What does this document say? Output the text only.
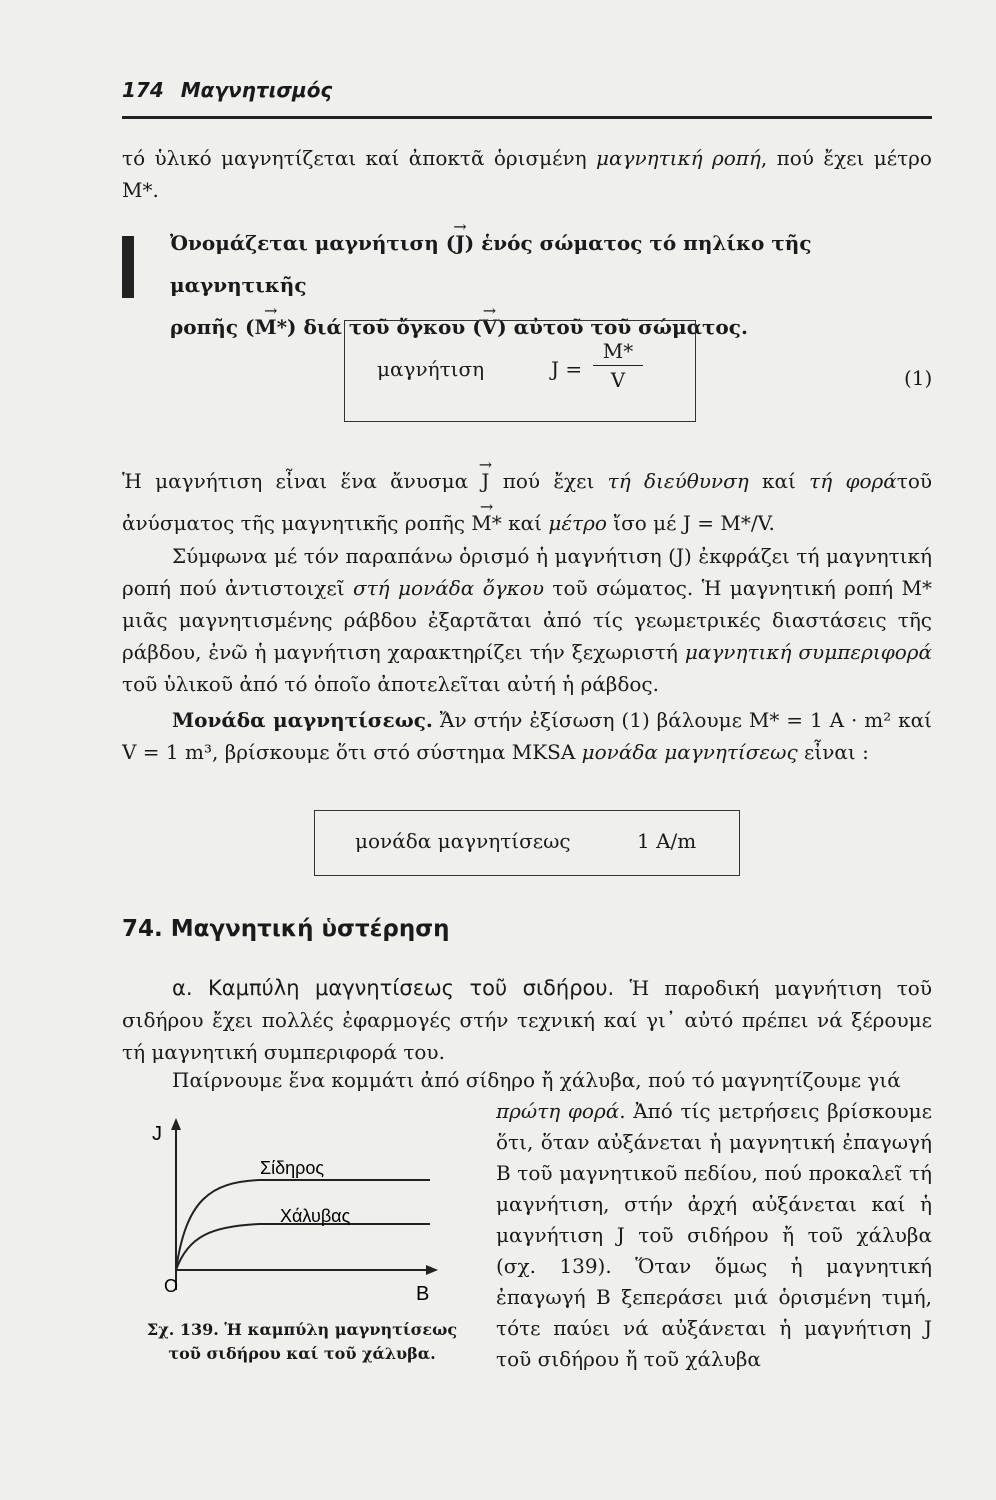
174 Μαγνητισμός
τό ὑλικό μαγνητίζεται καί ἀποκτᾶ ὁρισμένη μαγνητική ροπή, πού ἔχει μέτρο M*.
Ὀνομάζεται μαγνήτιση (→ J) ἑνός σώματος τό πηλίκο τῆς μαγνητικῆς
ροπῆς (→ M*) διά τοῦ ὄγκου (→ V) αὐτοῦ τοῦ σώματος.
μαγνήτιση	$J = \frac{M*}{V}$	(1)
Ἡ μαγνήτιση εἶναι ἕνα ἄνυσμα → J πού ἔχει τή διεύθυνση καί τή φοράτοῦ ἀνύσματος τῆς μαγνητικῆς ροπῆς → M* καί μέτρο ἴσο μέ J = M*/V.
Σύμφωνα μέ τόν παραπάνω ὁρισμό ἡ μαγνήτιση (J) ἐκφράζει τή μαγνητική ροπή πού ἀντιστοιχεῖ στή μονάδα ὄγκου τοῦ σώματος. Ἡ μαγνητική ροπή M* μιᾶς μαγνητισμένης ράβδου ἐξαρτᾶται ἀπό τίς γεωμετρικές διαστάσεις τῆς ράβδου, ἐνῶ ἡ μαγνήτιση χαρακτηρίζει τήν ξεχωριστή μαγνητική συμπεριφορά τοῦ ὑλικοῦ ἀπό τό ὁποῖο ἀποτελεῖται αὐτή ἡ ράβδος.
Μονάδα μαγνητίσεως. Ἄν στήν ἐξίσωση (1) βάλουμε M* = 1 A · m² καί V = 1 m³, βρίσκουμε ὅτι στό σύστημα MKSA μονάδα μαγνητίσεως εἶναι :
μονάδα μαγνητίσεως	1 A/m
74. Μαγνητική ὑστέρηση
α. Καμπύλη μαγνητίσεως τοῦ σιδήρου. Ἡ παροδική μαγνήτιση τοῦ σιδήρου ἔχει πολλές ἐφαρμογές στήν τεχνική καί γι᾽ αὐτό πρέπει νά ξέρουμε τή μαγνητική συμπεριφορά του.
Παίρνουμε ἕνα κομμάτι ἀπό σίδηρο ἤ χάλυβα, πού τό μαγνητίζουμε γιά
πρώτη φορά. Ἀπό τίς μετρήσεις βρίσκουμε ὅτι, ὅταν αὐξάνεται ἡ μαγνητική ἐπαγωγή B τοῦ μαγνητικοῦ πεδίου, πού προκαλεῖ τή μαγνήτιση, στήν ἀρχή αὐξάνεται καί ἡ μαγνήτιση J τοῦ σιδήρου ἤ τοῦ χάλυβα (σχ. 139). Ὅταν ὅμως ἡ μαγνητική ἐπαγωγή B ξεπεράσει μιά ὁρισμένη τιμή, τότε παύει νά αὐξάνεται ἡ μαγνήτιση J τοῦ σιδήρου ἤ τοῦ χάλυβα
J
B
O
Σίδηρος
Χάλυβας
Σχ. 139. Ἡ καμπύλη μαγνητίσεως
τοῦ σιδήρου καί τοῦ χάλυβα.
